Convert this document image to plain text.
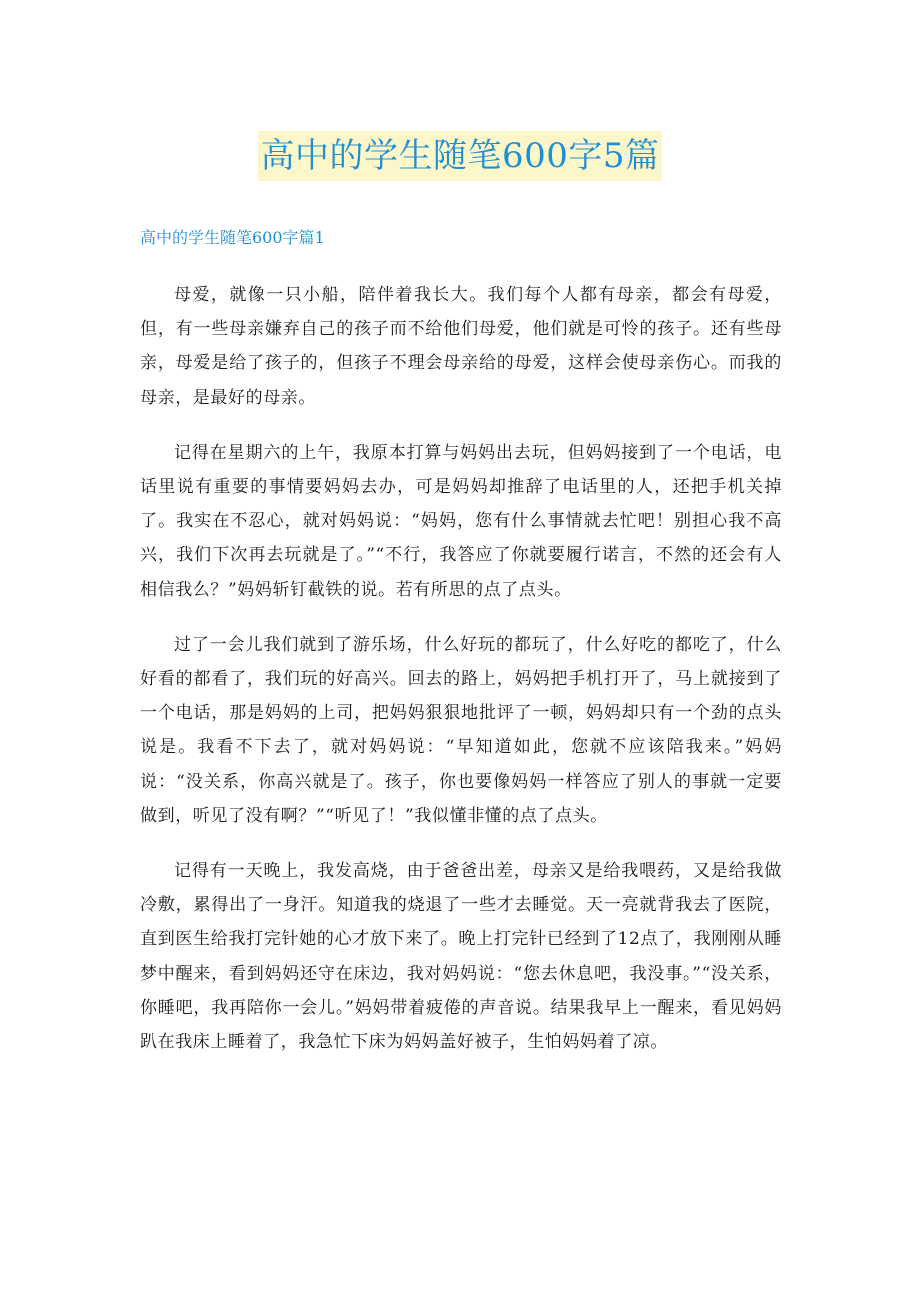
高中的学生随笔600字5篇
高中的学生随笔600字篇1

母爱，就像一只小船，陪伴着我长大。我们每个人都有母亲，都会有母爱，但，有一些母亲嫌弃自己的孩子而不给他们母爱，他们就是可怜的孩子。还有些母亲，母爱是给了孩子的，但孩子不理会母亲给的母爱，这样会使母亲伤心。而我的母亲，是最好的母亲。

记得在星期六的上午，我原本打算与妈妈出去玩，但妈妈接到了一个电话，电话里说有重要的事情要妈妈去办，可是妈妈却推辞了电话里的人，还把手机关掉了。我实在不忍心，就对妈妈说：“妈妈，您有什么事情就去忙吧！别担心我不高兴，我们下次再去玩就是了。”“不行，我答应了你就要履行诺言，不然的还会有人相信我么？”妈妈斩钉截铁的说。若有所思的点了点头。

过了一会儿我们就到了游乐场，什么好玩的都玩了，什么好吃的都吃了，什么好看的都看了，我们玩的好高兴。回去的路上，妈妈把手机打开了，马上就接到了一个电话，那是妈妈的上司，把妈妈狠狠地批评了一顿，妈妈却只有一个劲的点头说是。我看不下去了，就对妈妈说：“早知道如此，您就不应该陪我来。”妈妈说：“没关系，你高兴就是了。孩子，你也要像妈妈一样答应了别人的事就一定要做到，听见了没有啊？”“听见了！”我似懂非懂的点了点头。

记得有一天晚上，我发高烧，由于爸爸出差，母亲又是给我喂药，又是给我做冷敷，累得出了一身汗。知道我的烧退了一些才去睡觉。天一亮就背我去了医院，直到医生给我打完针她的心才放下来了。晚上打完针已经到了12点了，我刚刚从睡梦中醒来，看到妈妈还守在床边，我对妈妈说：“您去休息吧，我没事。”“没关系，你睡吧，我再陪你一会儿。”妈妈带着疲倦的声音说。结果我早上一醒来，看见妈妈趴在我床上睡着了，我急忙下床为妈妈盖好被子，生怕妈妈着了凉。
